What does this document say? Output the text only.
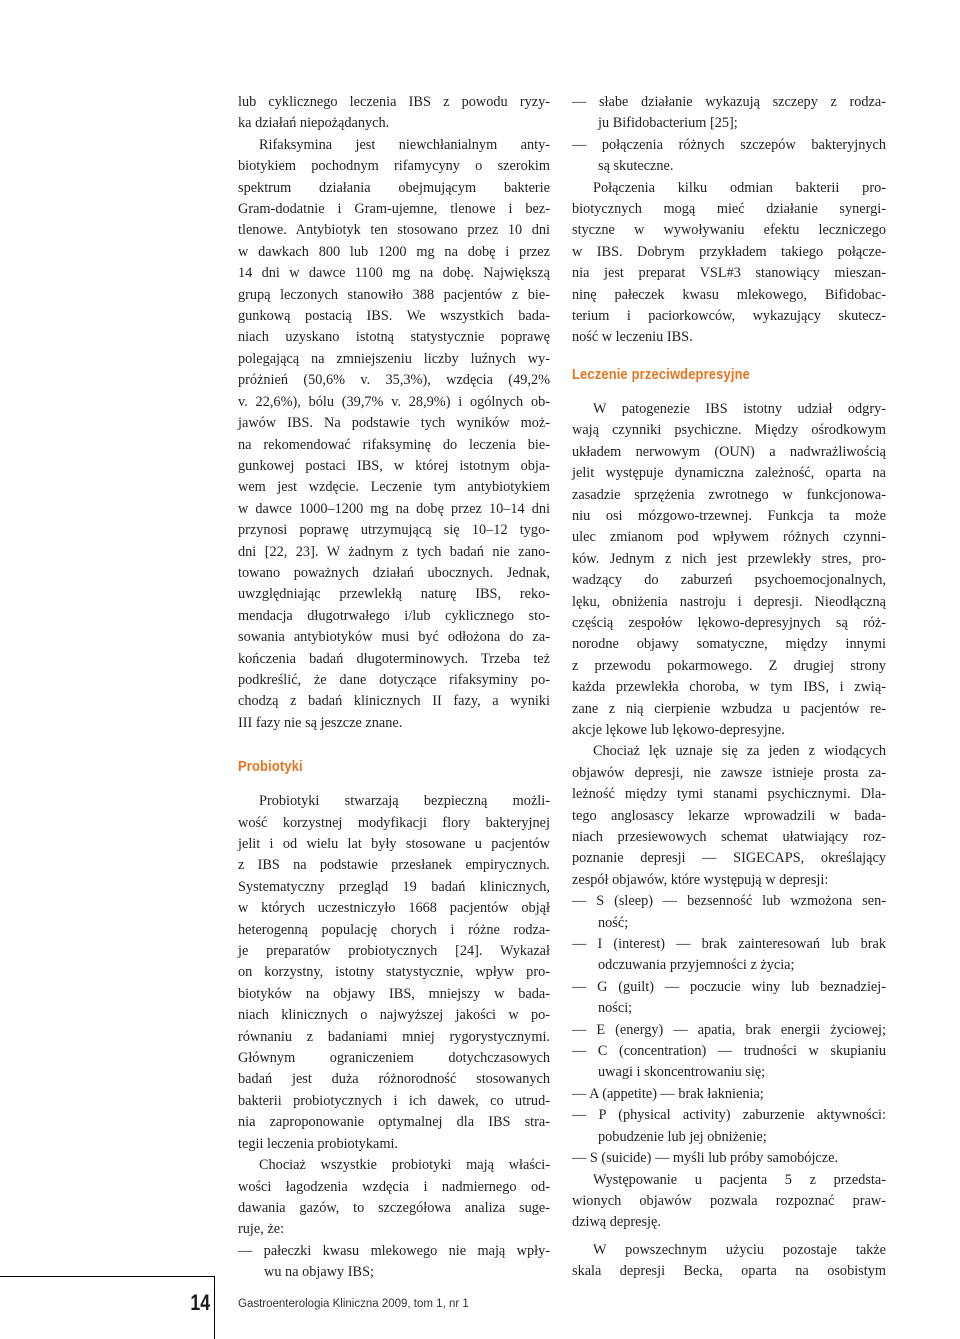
lub cyklicznego leczenia IBS z powodu ryzy-
ka działań niepożądanych.
Rifaksymina jest niewchłanialnym anty-
biotykiem pochodnym rifamycyny o szerokim
spektrum działania obejmującym bakterie
Gram-dodatnie i Gram-ujemne, tlenowe i bez-
tlenowe. Antybiotyk ten stosowano przez 10 dni
w dawkach 800 lub 1200 mg na dobę i przez
14 dni w dawce 1100 mg na dobę. Największą
grupą leczonych stanowiło 388 pacjentów z bie-
gunkową postacią IBS. We wszystkich bada-
niach uzyskano istotną statystycznie poprawę
polegającą na zmniejszeniu liczby luźnych wy-
próżnień (50,6% v. 35,3%), wzdęcia (49,2%
v. 22,6%), bólu (39,7% v. 28,9%) i ogólnych ob-
jawów IBS. Na podstawie tych wyników moż-
na rekomendować rifaksyminę do leczenia bie-
gunkowej postaci IBS, w której istotnym obja-
wem jest wzdęcie. Leczenie tym antybiotykiem
w dawce 1000–1200 mg na dobę przez 10–14 dni
przynosi poprawę utrzymującą się 10–12 tygo-
dni [22, 23]. W żadnym z tych badań nie zano-
towano poważnych działań ubocznych. Jednak,
uwzględniając przewlekłą naturę IBS, reko-
mendacja długotrwałego i/lub cyklicznego sto-
sowania antybiotyków musi być odłożona do za-
kończenia badań długoterminowych. Trzeba też
podkreślić, że dane dotyczące rifaksyminy po-
chodzą z badań klinicznych II fazy, a wyniki
III fazy nie są jeszcze znane.

Probiotyki

Probiotyki stwarzają bezpieczną możli-
wość korzystnej modyfikacji flory bakteryjnej
jelit i od wielu lat były stosowane u pacjentów
z IBS na podstawie przesłanek empirycznych.
Systematyczny przegląd 19 badań klinicznych,
w których uczestniczyło 1668 pacjentów objął
heterogenną populację chorych i różne rodza-
je preparatów probiotycznych [24]. Wykazał
on korzystny, istotny statystycznie, wpływ pro-
biotyków na objawy IBS, mniejszy w bada-
niach klinicznych o najwyższej jakości w po-
równaniu z badaniami mniej rygorystycznymi.
Głównym ograniczeniem dotychczasowych
badań jest duża różnorodność stosowanych
bakterii probiotycznych i ich dawek, co utrud-
nia zaproponowanie optymalnej dla IBS stra-
tegii leczenia probiotykami.
Chociaż wszystkie probiotyki mają właści-
wości łagodzenia wzdęcia i nadmiernego od-
dawania gazów, to szczegółowa analiza suge-
ruje, że:
— pałeczki kwasu mlekowego nie mają wpły-
wu na objawy IBS;
— słabe działanie wykazują szczepy z rodza-
ju Bifidobacterium [25];
— połączenia różnych szczepów bakteryjnych
są skuteczne.
Połączenia kilku odmian bakterii pro-
biotycznych mogą mieć działanie synergi-
styczne w wywoływaniu efektu leczniczego
w IBS. Dobrym przykładem takiego połącze-
nia jest preparat VSL#3 stanowiący mieszan-
ninę pałeczek kwasu mlekowego, Bifidobac-
terium i paciorkowców, wykazujący skutecz-
ność w leczeniu IBS.

Leczenie przeciwdepresyjne

W patogenezie IBS istotny udział odgry-
wają czynniki psychiczne. Między ośrodkowym
układem nerwowym (OUN) a nadwrażliwością
jelit występuje dynamiczna zależność, oparta na
zasadzie sprzężenia zwrotnego w funkcjonowa-
niu osi mózgowo-trzewnej. Funkcja ta może
ulec zmianom pod wpływem różnych czynni-
ków. Jednym z nich jest przewlekły stres, pro-
wadzący do zaburzeń psychoemocjonalnych,
lęku, obniżenia nastroju i depresji. Nieodłączną
częścią zespołów lękowo-depresyjnych są róż-
norodne objawy somatyczne, między innymi
z przewodu pokarmowego. Z drugiej strony
każda przewlekła choroba, w tym IBS, i zwią-
zane z nią cierpienie wzbudza u pacjentów re-
akcje lękowe lub lękowo-depresyjne.
Chociaż lęk uznaje się za jeden z wiodących
objawów depresji, nie zawsze istnieje prosta za-
leżność między tymi stanami psychicznymi. Dla-
tego anglosascy lekarze wprowadzili w bada-
niach przesiewowych schemat ułatwiający roz-
poznanie depresji — SIGECAPS, określający
zespół objawów, które występują w depresji:
— S (sleep) — bezsenność lub wzmożona sen-
ność;
— I (interest) — brak zainteresowań lub brak
odczuwania przyjemności z życia;
— G (guilt) — poczucie winy lub beznadziej-
ności;
— E (energy) — apatia, brak energii życiowej;
— C (concentration) — trudności w skupianiu
uwagi i skoncentrowaniu się;
— A (appetite) — brak łaknienia;
— P (physical activity) zaburzenie aktywności:
pobudzenie lub jej obniżenie;
— S (suicide) — myśli lub próby samobójcze.
Występowanie u pacjenta 5 z przedsta-
wionych objawów pozwala rozpoznać praw-
dziwą depresję.
W powszechnym użyciu pozostaje także
skala depresji Becka, oparta na osobistym
14 Gastroenterologia Kliniczna 2009, tom 1, nr 1
